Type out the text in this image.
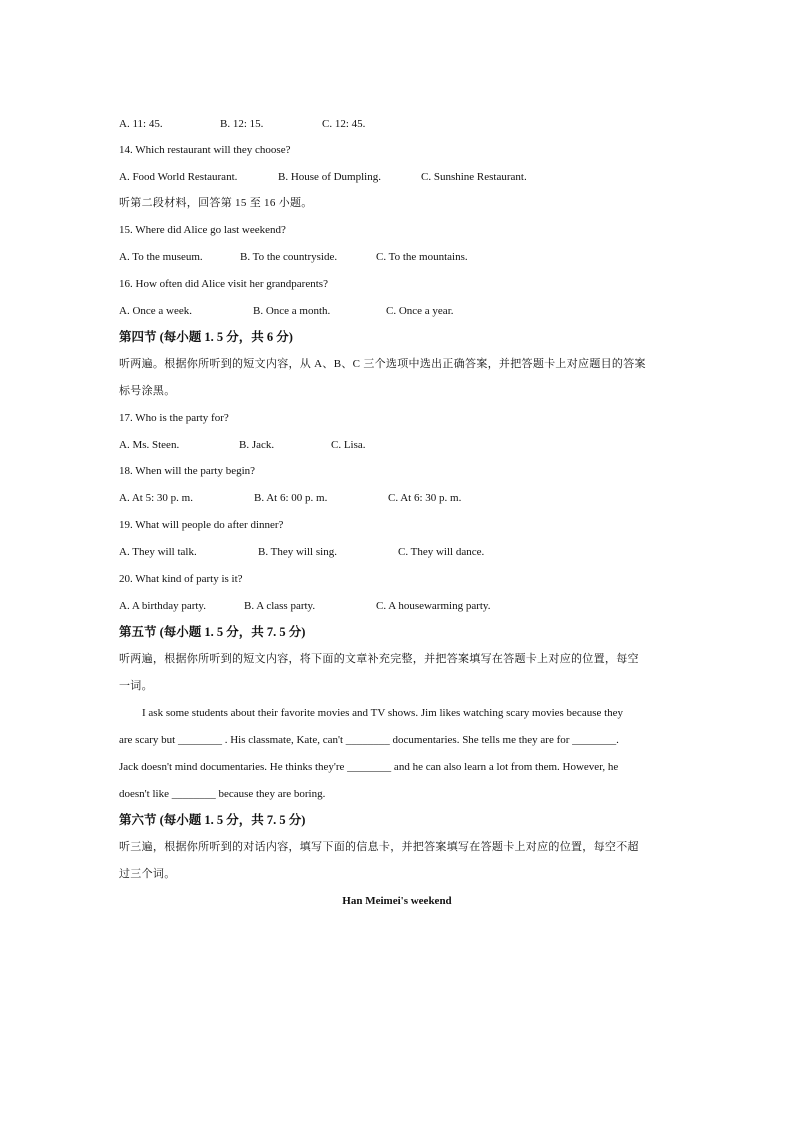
A. 11: 45.	B. 12: 15.	C. 12: 45.
14. Which restaurant will they choose?
A. Food World Restaurant.	B. House of Dumpling.	C. Sunshine Restaurant.
听第二段材料，回答第 15 至 16 小题。
15. Where did Alice go last weekend?
A. To the museum.	B. To the countryside.	C. To the mountains.
16. How often did Alice visit her grandparents?
A. Once a week.	B. Once a month.	C. Once a year.
第四节 (每小题 1. 5 分，共 6 分)
听两遍。根据你所听到的短文内容，从 A、B、C 三个选项中选出正确答案，并把答题卡上对应题目的答案
标号涂黑。
17. Who is the party for?
A. Ms. Steen.	B. Jack.	C. Lisa.
18. When will the party begin?
A. At 5: 30 p. m.	B. At 6: 00 p. m.	C. At 6: 30 p. m.
19. What will people do after dinner?
A. They will talk.	B. They will sing.	C. They will dance.
20. What kind of party is it?
A. A birthday party.	B. A class party.	C. A housewarming party.
第五节 (每小题 1. 5 分，共 7. 5 分)
听两遍，根据你所听到的短文内容，将下面的文章补充完整，并把答案填写在答题卡上对应的位置，每空
一词。
I ask some students about their favorite movies and TV shows. Jim likes watching scary movies because they
are scary but ________ . His classmate, Kate, can't ________ documentaries. She tells me they are for ________.
Jack doesn't mind documentaries. He thinks they're ________ and he can also learn a lot from them. However, he
doesn't like ________ because they are boring.
第六节 (每小题 1. 5 分，共 7. 5 分)
听三遍，根据你所听到的对话内容，填写下面的信息卡，并把答案填写在答题卡上对应的位置，每空不超
过三个词。
Han Meimei's weekend
